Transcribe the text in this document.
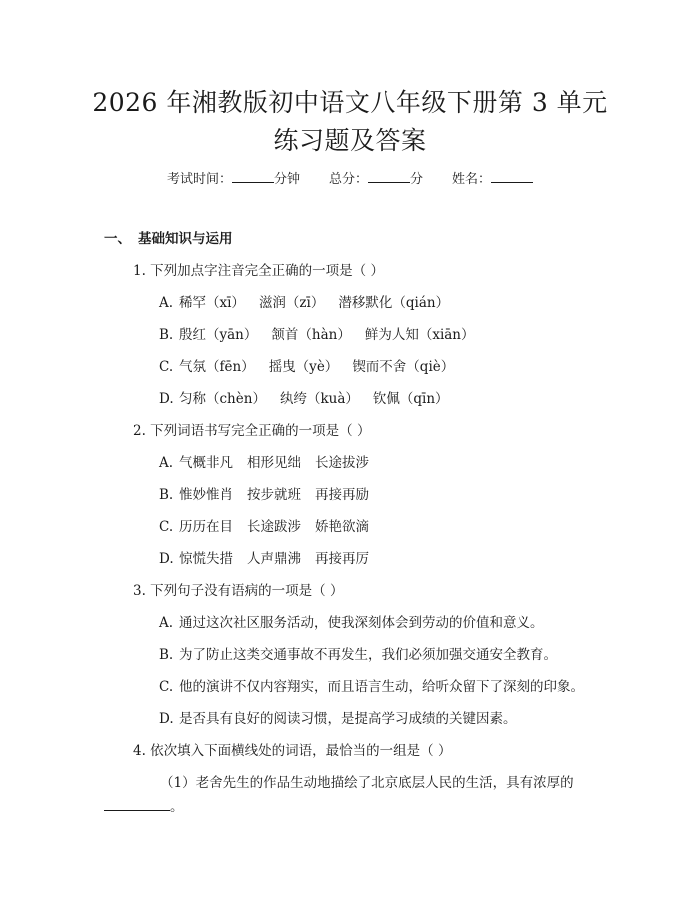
2026 年湘教版初中语文八年级下册第 3 单元
练习题及答案
考试时间：	分钟 总分：	分 姓名：
一、 基础知识与运用
1. 下列加点字注音完全正确的一项是（ ）
A. 稀罕（xī） 滋润（zī） 潜移默化（qián）
B. 殷红（yān） 颔首（hàn） 鲜为人知（xiān）
C. 气氛（fēn） 摇曳（yè） 锲而不舍（qiè）
D. 匀称（chèn） 纨绔（kuà） 钦佩（qīn）
2. 下列词语书写完全正确的一项是（ ）
A. 气概非凡 相形见绌 长途拔涉
B. 惟妙惟肖 按步就班 再接再励
C. 历历在目 长途跋涉 娇艳欲滴
D. 惊慌失措 人声鼎沸 再接再厉
3. 下列句子没有语病的一项是（ ）
A. 通过这次社区服务活动，使我深刻体会到劳动的价值和意义。
B. 为了防止这类交通事故不再发生，我们必须加强交通安全教育。
C. 他的演讲不仅内容翔实，而且语言生动，给听众留下了深刻的印象。
D. 是否具有良好的阅读习惯，是提高学习成绩的关键因素。
4. 依次填入下面横线处的词语，最恰当的一组是（ ）
（1）老舍先生的作品生动地描绘了北京底层人民的生活，具有浓厚的
。
